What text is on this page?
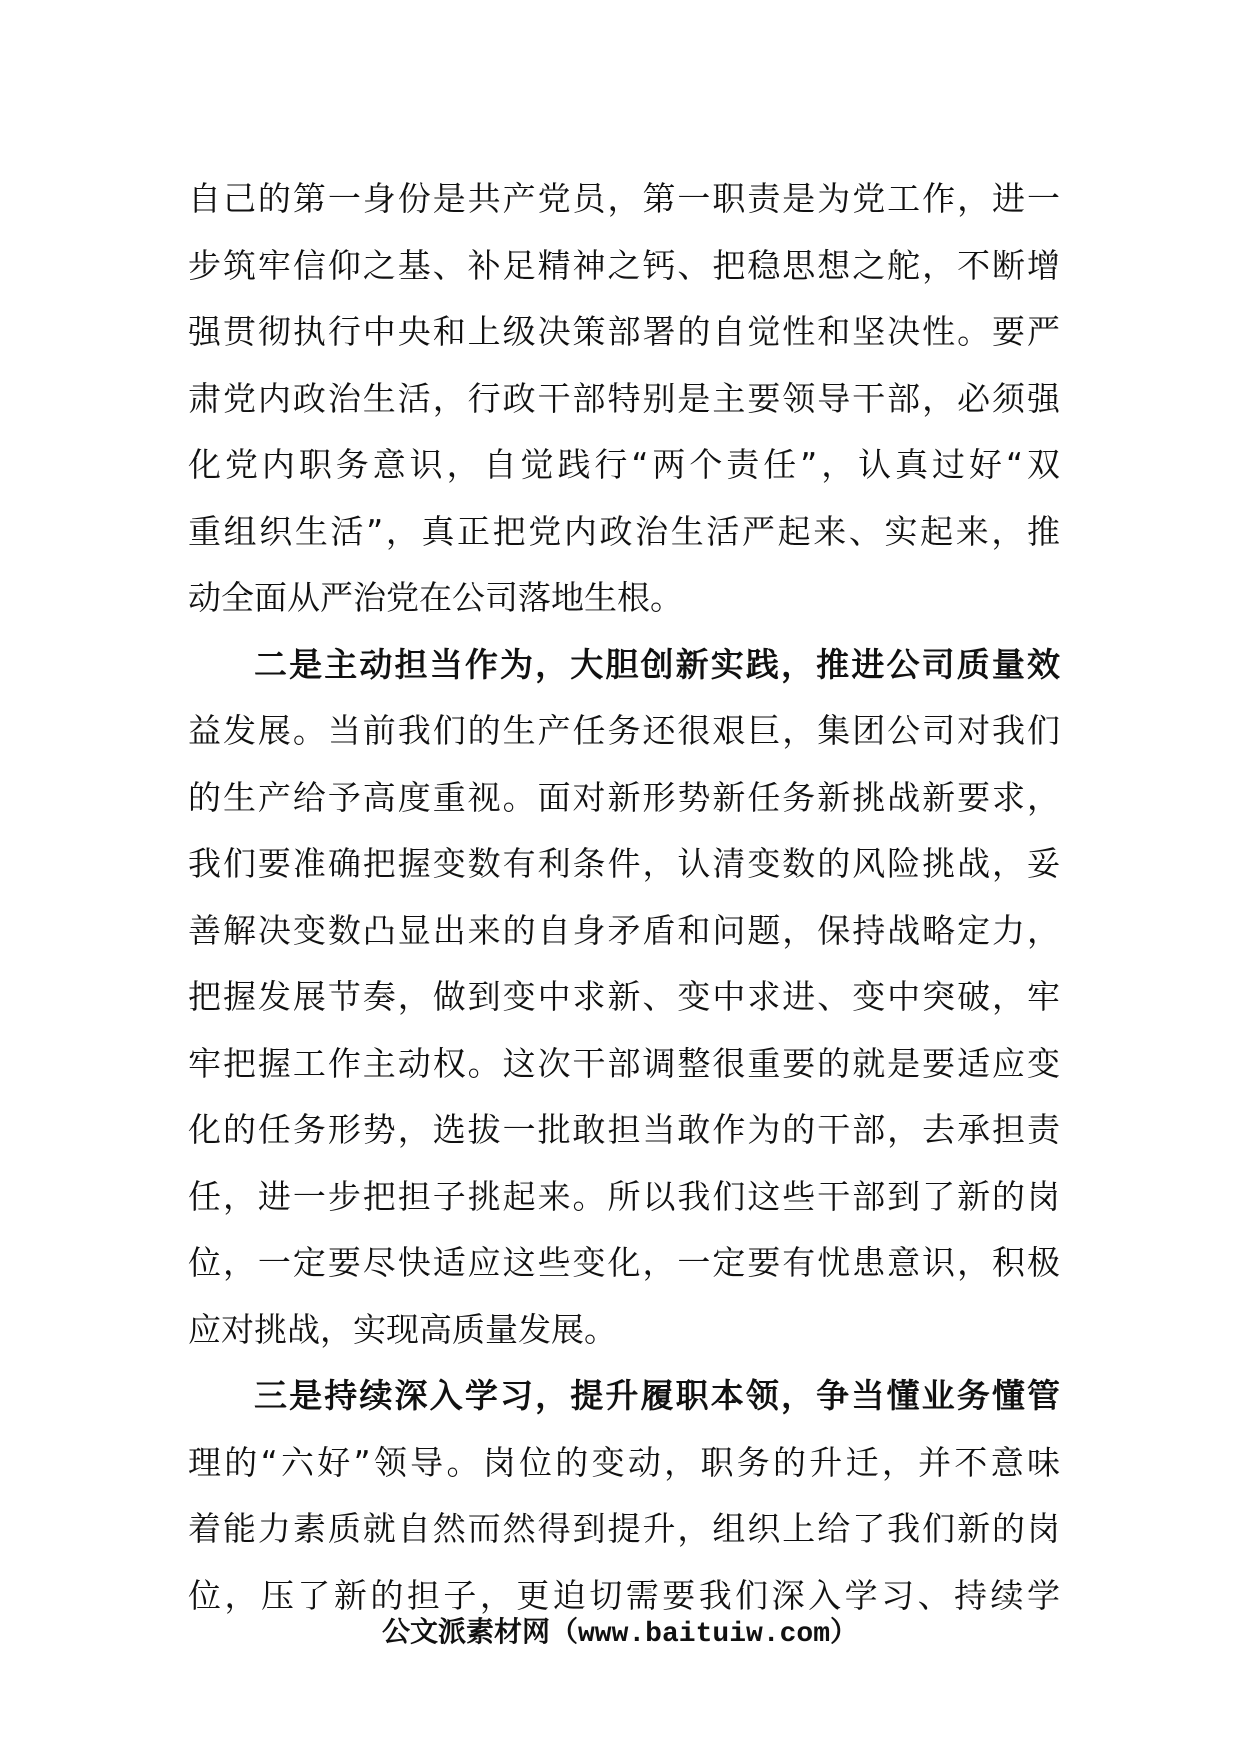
自己的第一身份是共产党员，第一职责是为党工作，进一
步筑牢信仰之基、补足精神之钙、把稳思想之舵，不断增
强贯彻执行中央和上级决策部署的自觉性和坚决性。要严
肃党内政治生活，行政干部特别是主要领导干部，必须强
化党内职务意识，自觉践行“两个责任”，认真过好“双
重组织生活”，真正把党内政治生活严起来、实起来，推
动全面从严治党在公司落地生根。
二是主动担当作为，大胆创新实践，推进公司质量效
益发展。当前我们的生产任务还很艰巨，集团公司对我们
的生产给予高度重视。面对新形势新任务新挑战新要求，
我们要准确把握变数有利条件，认清变数的风险挑战，妥
善解决变数凸显出来的自身矛盾和问题，保持战略定力，
把握发展节奏，做到变中求新、变中求进、变中突破，牢
牢把握工作主动权。这次干部调整很重要的就是要适应变
化的任务形势，选拔一批敢担当敢作为的干部，去承担责
任，进一步把担子挑起来。所以我们这些干部到了新的岗
位，一定要尽快适应这些变化，一定要有忧患意识，积极
应对挑战，实现高质量发展。
三是持续深入学习，提升履职本领，争当懂业务懂管
理的“六好”领导。岗位的变动，职务的升迁，并不意味
着能力素质就自然而然得到提升，组织上给了我们新的岗
位，压了新的担子，更迫切需要我们深入学习、持续学
公文派素材网（www.baituiw.com）
